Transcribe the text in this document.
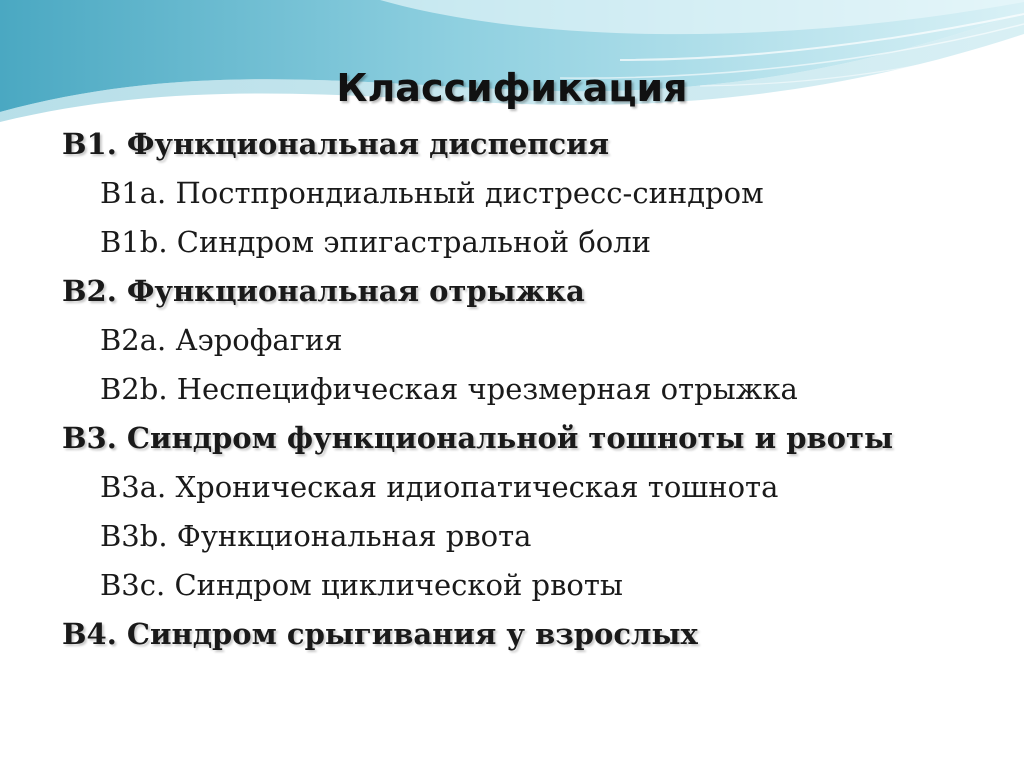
Классификация
B1. Функциональная диспепсия
B1a. Постпрондиальный дистресс-синдром
B1b. Синдром эпигастральной боли
B2. Функциональная отрыжка
B2a. Аэрофагия
B2b. Неспецифическая чрезмерная отрыжка
B3. Синдром функциональной тошноты и рвоты
B3a. Хроническая идиопатическая тошнота
B3b. Функциональная рвота
B3c. Синдром циклической рвоты
B4. Синдром срыгивания у взрослых
